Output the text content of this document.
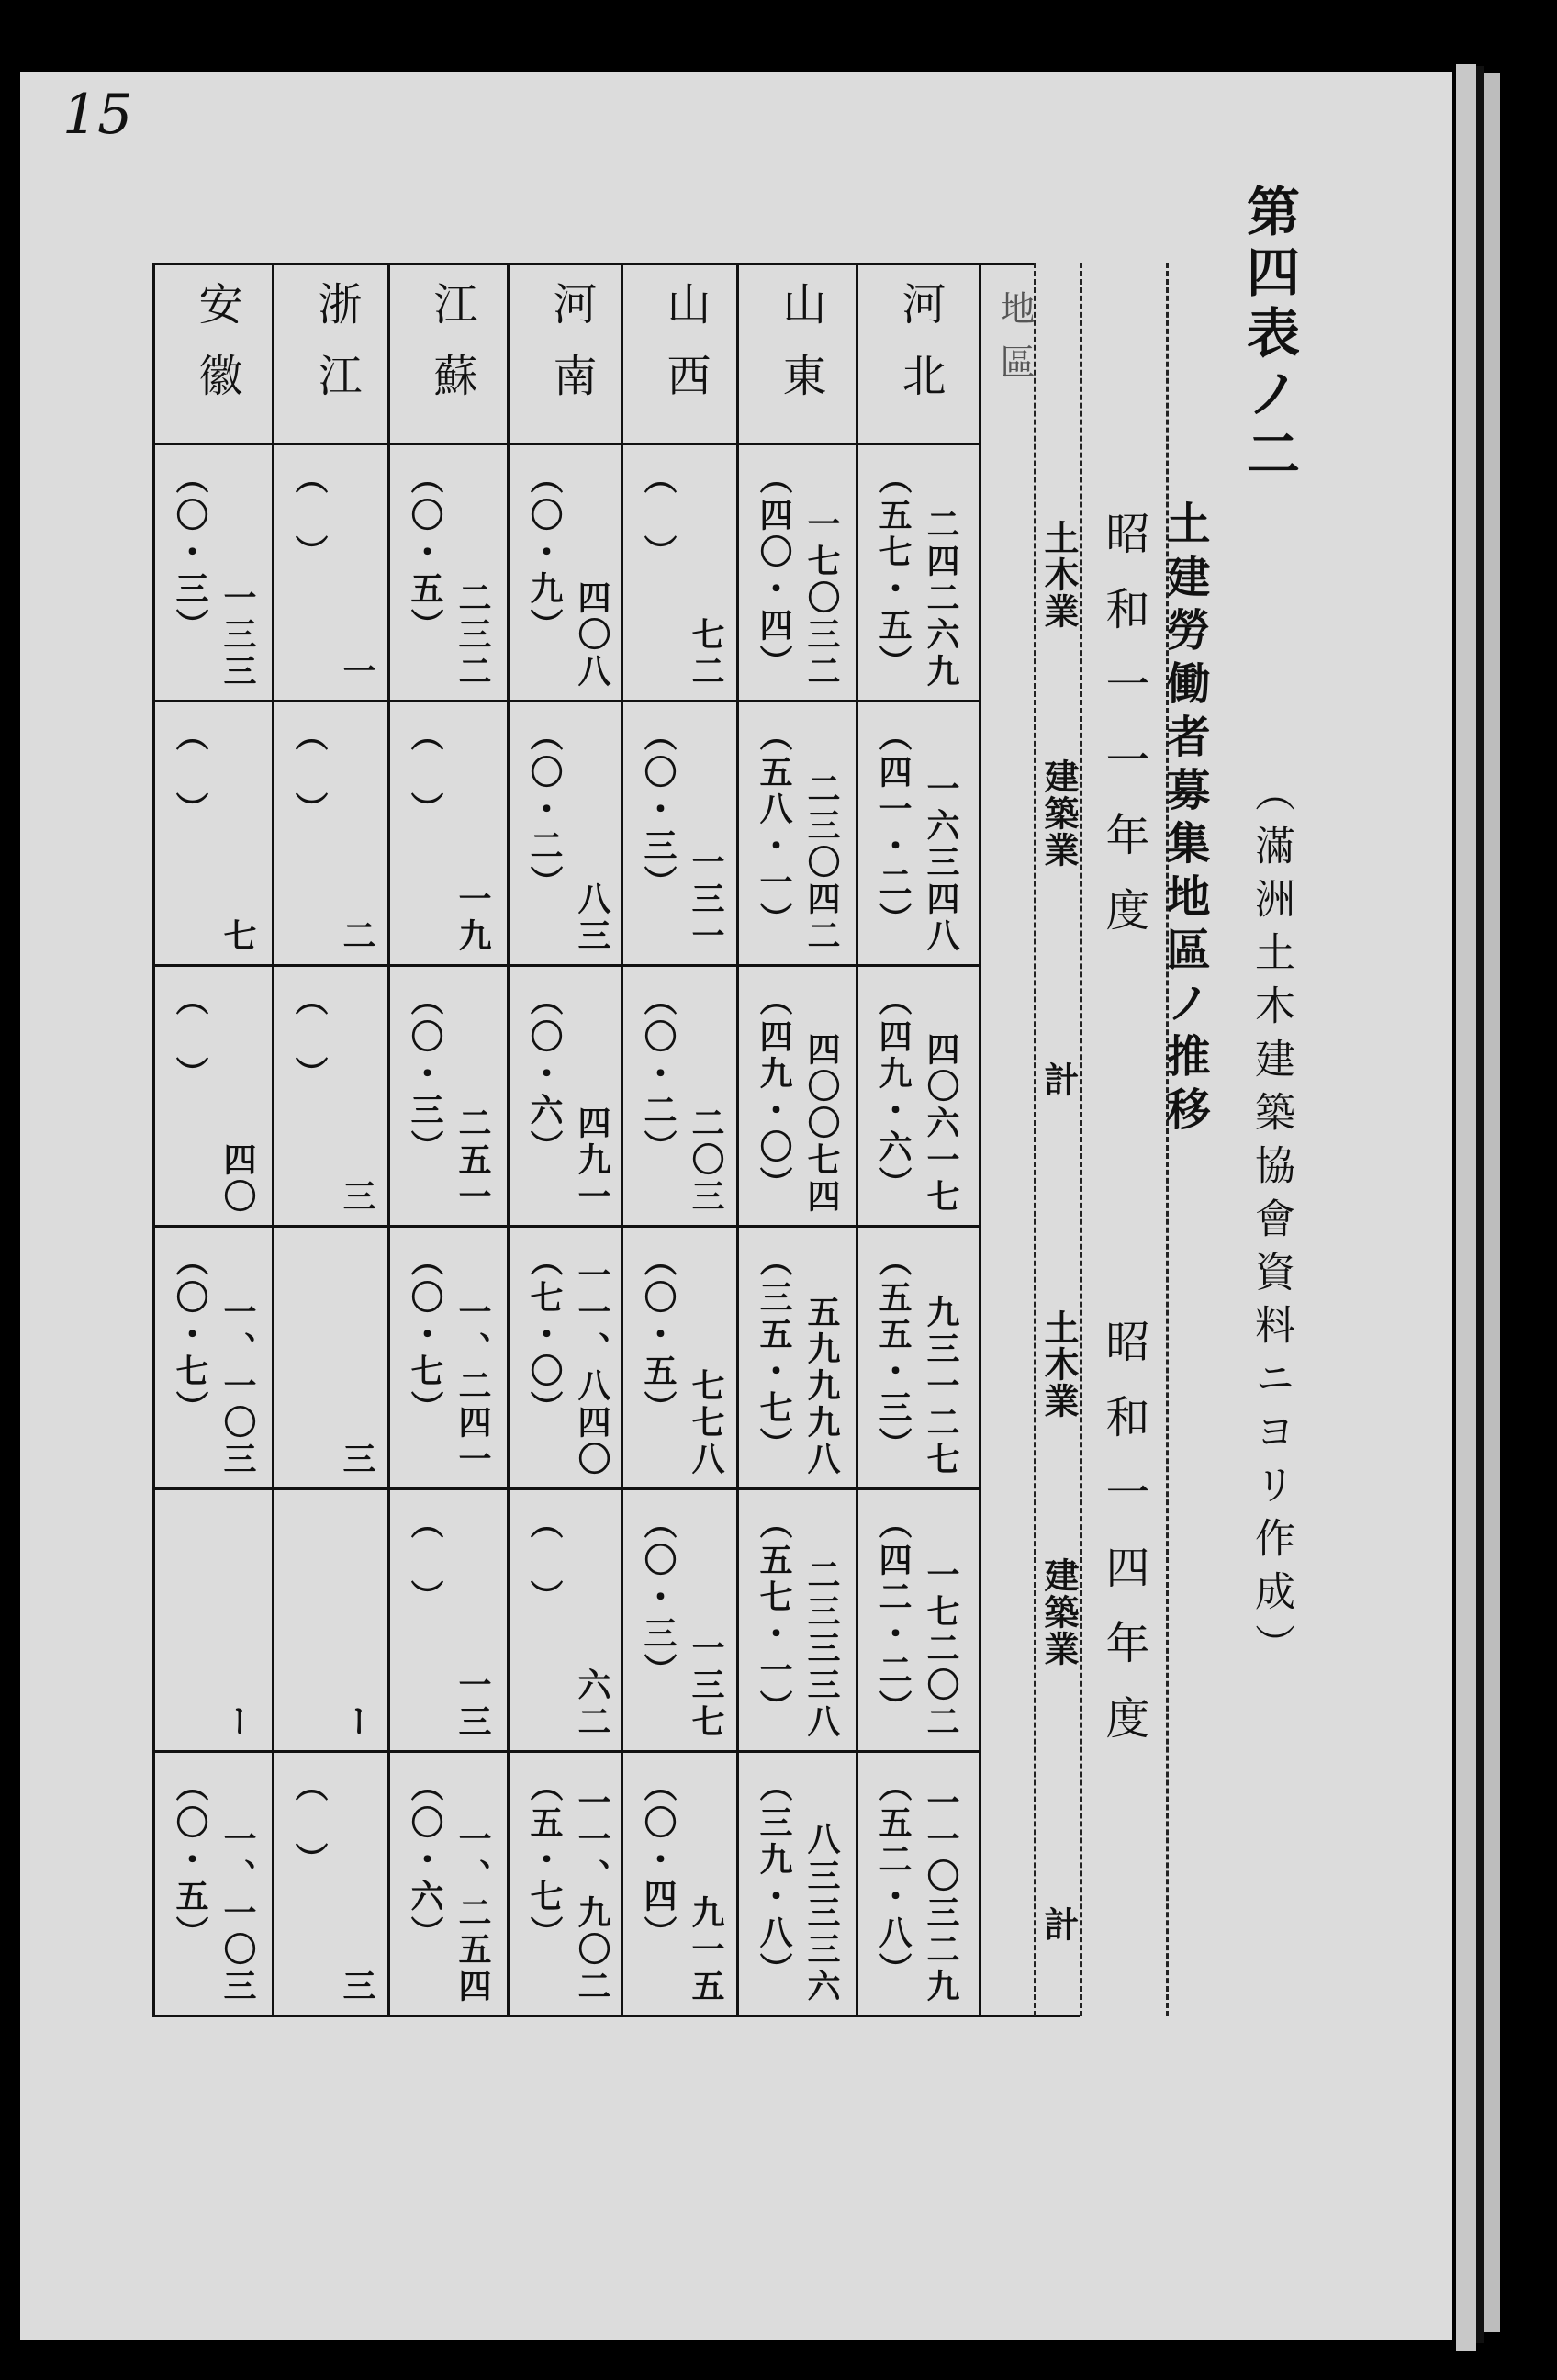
15
第四表ノ二
土建勞働者募集地區ノ推移 （滿洲土木建築協會資料ニヨリ作成）
地區
昭和一一年度
昭和一四年度
土木業
建築業
計
土木業
建築業
計
河北
二四二六九
（五七・五）
一六三四八
（四一・二）
四〇六一七
（四九・六）
九三一二七
（五五・三）
一七二〇二
（四二・二）
一一〇三二九
（五二・八）
山東
一七〇三二
（四〇・四）
二三〇四二
（五八・一）
四〇〇七四
（四九・〇）
五九九九八
（三五・七）
二三三三八
（五七・一）
八三三三六
（三九・八）
山西
七二
（　）
一三一
（〇・三）
二〇三
（〇・二）
七七八
（〇・五）
一三七
（〇・三）
九一五
（〇・四）
河南
四〇八
（〇・九）
八三
（〇・二）
四九一
（〇・六）
一一、八四〇
（七・〇）
六二
（　）
一一、九〇二
（五・七）
江蘇
二三二
（〇・五）
一九
（　）
二五一
（〇・三）
一、二四一
（〇・七）
一三
（　）
一、二五四
（〇・六）
浙江
一
（　）
二
（　）
三
（　）
三
ー
三
（　）
安徽
一三三
（〇・三）
七
（　）
四〇
（　）
一、一〇三
（〇・七）
ー
一、一〇三
（〇・五）
